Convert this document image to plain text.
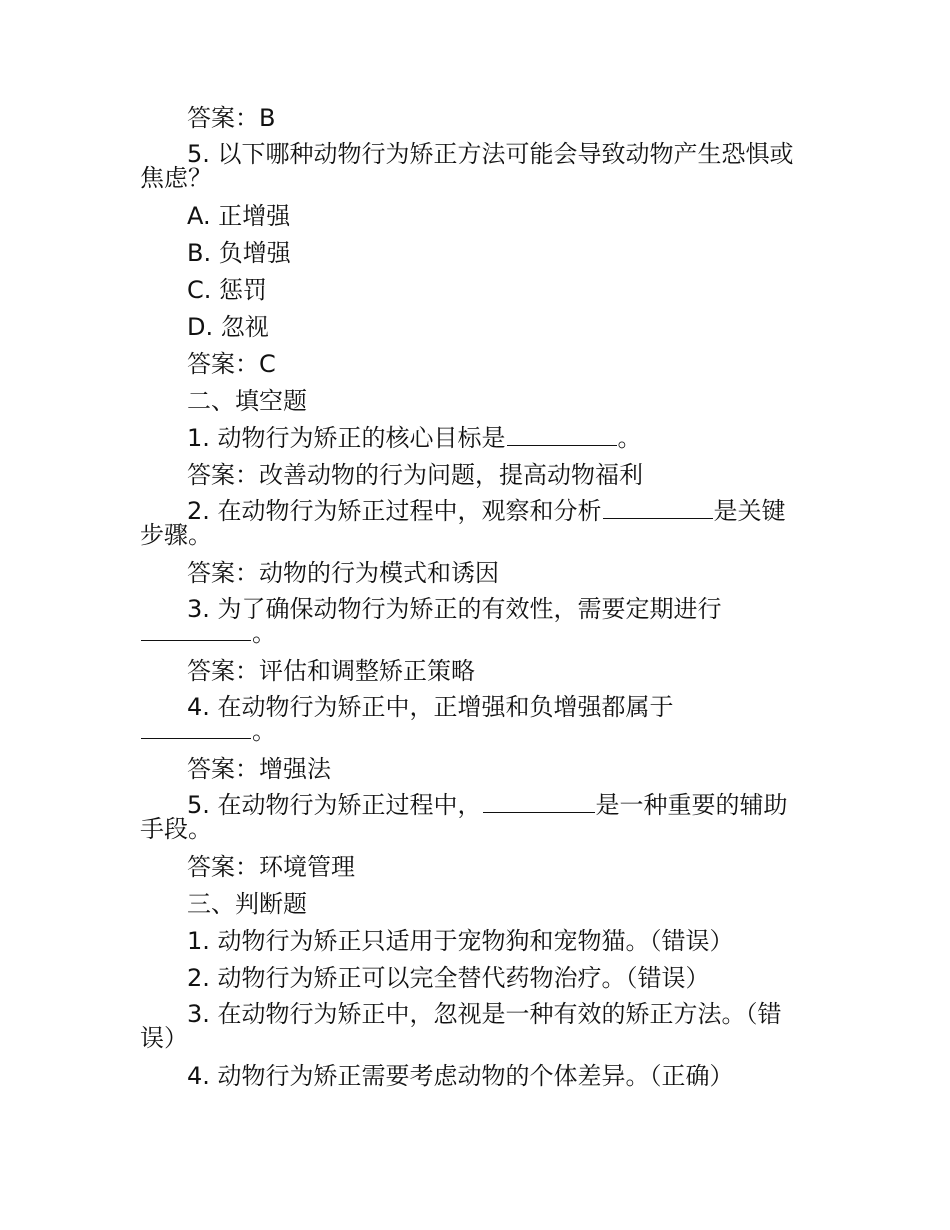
答案：B
5. 以下哪种动物行为矫正方法可能会导致动物产生恐惧或
焦虑？
A. 正增强
B. 负增强
C. 惩罚
D. 忽视
答案：C
二、填空题
1. 动物行为矫正的核心目标是	。
答案：改善动物的行为问题，提高动物福利
2. 在动物行为矫正过程中，观察和分析	是关键
步骤。
答案：动物的行为模式和诱因
3. 为了确保动物行为矫正的有效性，需要定期进行
。
答案：评估和调整矫正策略
4. 在动物行为矫正中，正增强和负增强都属于
。
答案：增强法
5. 在动物行为矫正过程中，	是一种重要的辅助
手段。
答案：环境管理
三、判断题
1. 动物行为矫正只适用于宠物狗和宠物猫。（错误）
2. 动物行为矫正可以完全替代药物治疗。（错误）
3. 在动物行为矫正中，忽视是一种有效的矫正方法。（错
误）
4. 动物行为矫正需要考虑动物的个体差异。（正确）
